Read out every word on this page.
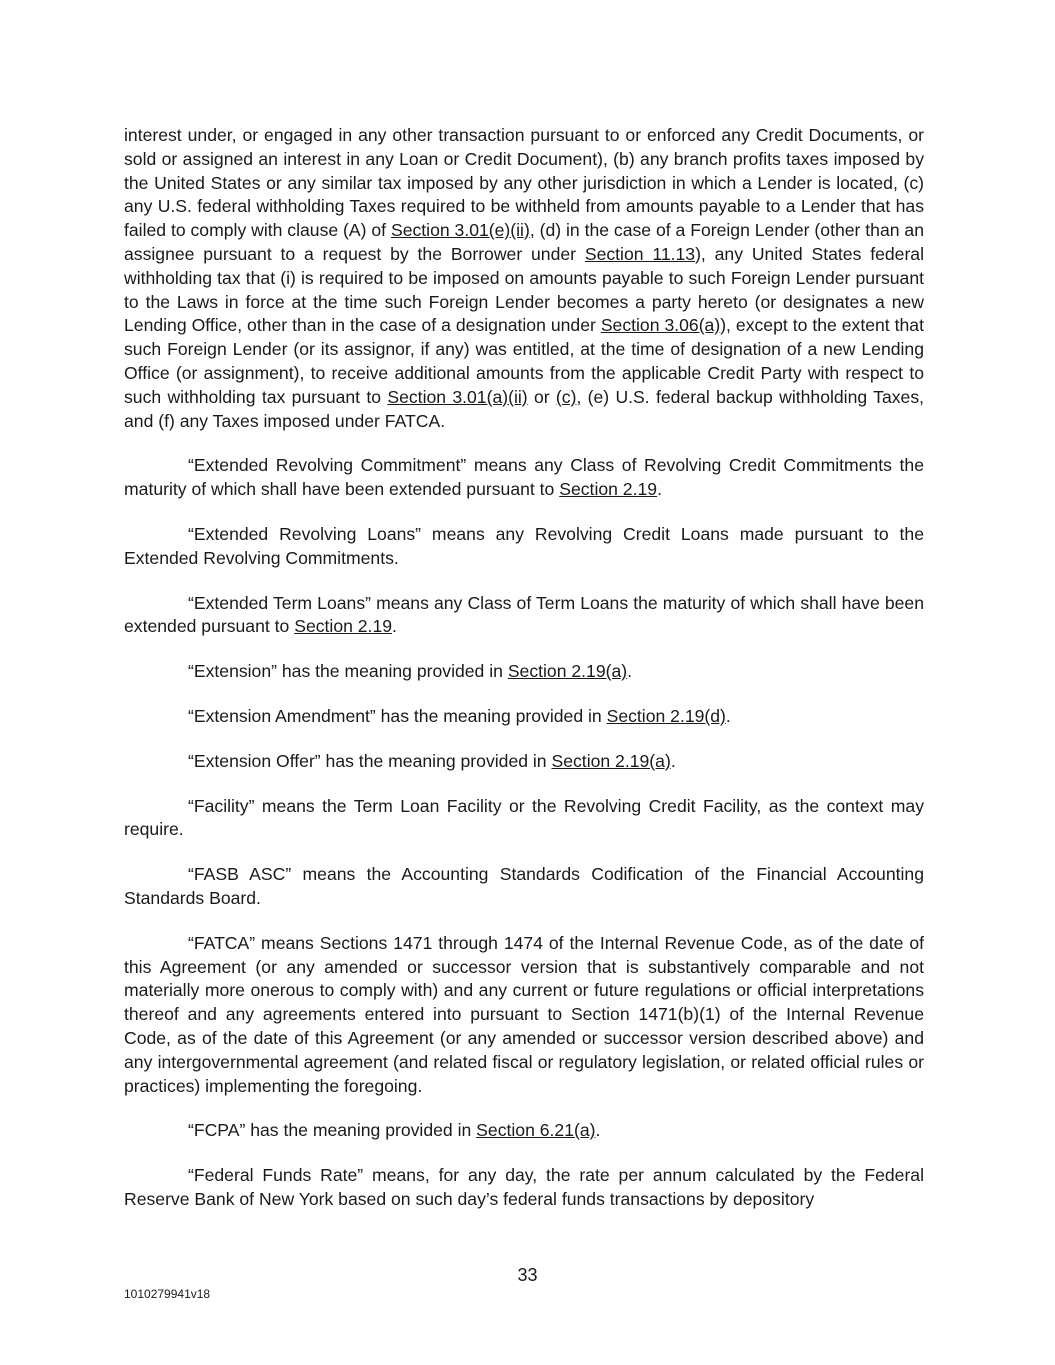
interest under, or engaged in any other transaction pursuant to or enforced any Credit Documents, or sold or assigned an interest in any Loan or Credit Document), (b) any branch profits taxes imposed by the United States or any similar tax imposed by any other jurisdiction in which a Lender is located, (c) any U.S. federal withholding Taxes required to be withheld from amounts payable to a Lender that has failed to comply with clause (A) of Section 3.01(e)(ii), (d) in the case of a Foreign Lender (other than an assignee pursuant to a request by the Borrower under Section 11.13), any United States federal withholding tax that (i) is required to be imposed on amounts payable to such Foreign Lender pursuant to the Laws in force at the time such Foreign Lender becomes a party hereto (or designates a new Lending Office, other than in the case of a designation under Section 3.06(a)), except to the extent that such Foreign Lender (or its assignor, if any) was entitled, at the time of designation of a new Lending Office (or assignment), to receive additional amounts from the applicable Credit Party with respect to such withholding tax pursuant to Section 3.01(a)(ii) or (c), (e) U.S. federal backup withholding Taxes, and (f) any Taxes imposed under FATCA.

“Extended Revolving Commitment” means any Class of Revolving Credit Commitments the maturity of which shall have been extended pursuant to Section 2.19.

“Extended Revolving Loans” means any Revolving Credit Loans made pursuant to the Extended Revolving Commitments.

“Extended Term Loans” means any Class of Term Loans the maturity of which shall have been extended pursuant to Section 2.19.

“Extension” has the meaning provided in Section 2.19(a).

“Extension Amendment” has the meaning provided in Section 2.19(d).

“Extension Offer” has the meaning provided in Section 2.19(a).

“Facility” means the Term Loan Facility or the Revolving Credit Facility, as the context may require.

“FASB ASC” means the Accounting Standards Codification of the Financial Accounting Standards Board.

“FATCA” means Sections 1471 through 1474 of the Internal Revenue Code, as of the date of this Agreement (or any amended or successor version that is substantively comparable and not materially more onerous to comply with) and any current or future regulations or official interpretations thereof and any agreements entered into pursuant to Section 1471(b)(1) of the Internal Revenue Code, as of the date of this Agreement (or any amended or successor version described above) and any intergovernmental agreement (and related fiscal or regulatory legislation, or related official rules or practices) implementing the foregoing.

“FCPA” has the meaning provided in Section 6.21(a).

“Federal Funds Rate” means, for any day, the rate per annum calculated by the Federal Reserve Bank of New York based on such day’s federal funds transactions by depository

33
1010279941v18
